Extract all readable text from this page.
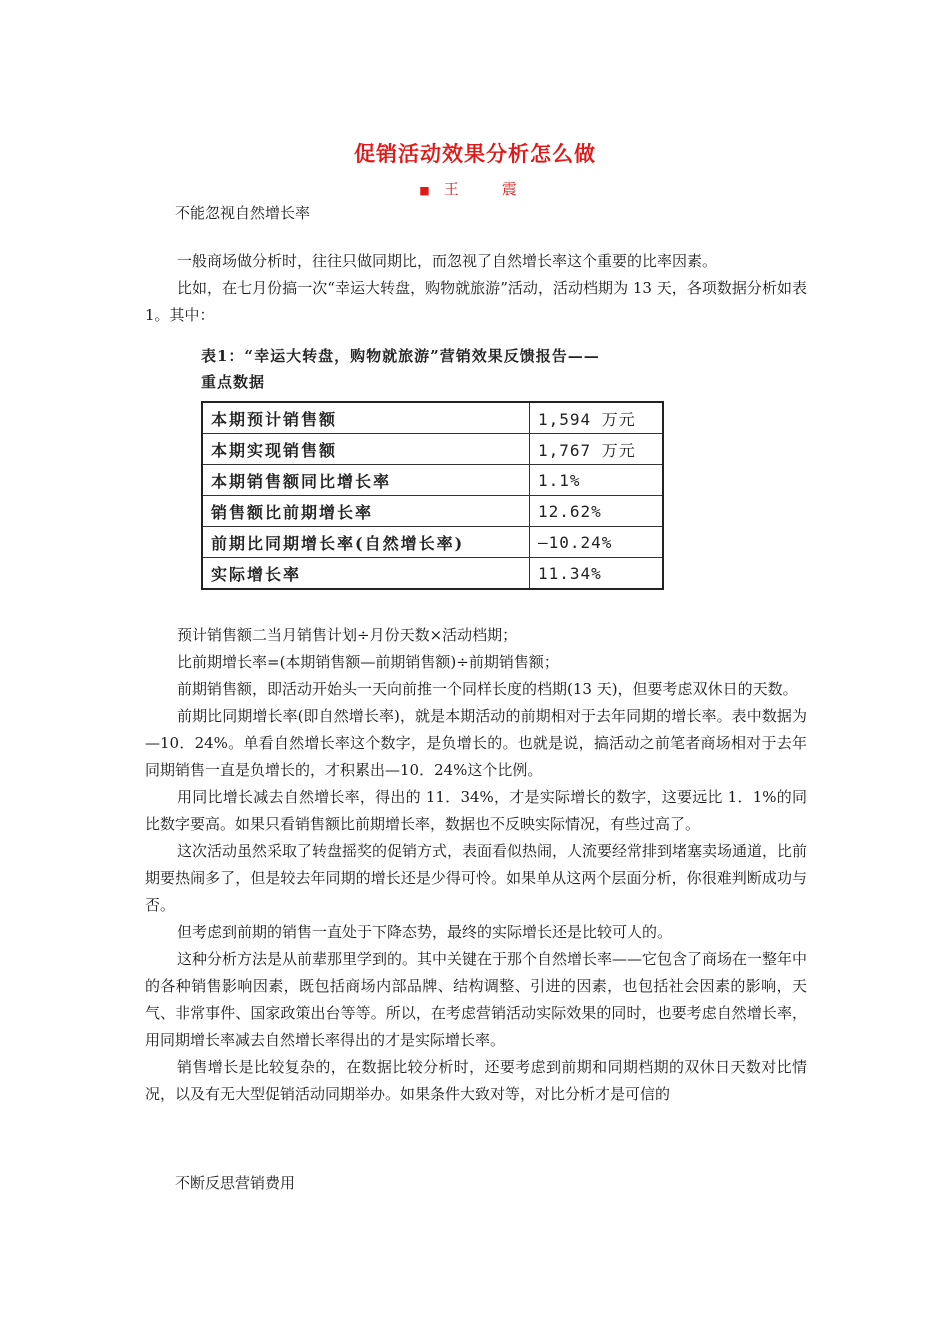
促销活动效果分析怎么做
■ 王　震
不能忽视自然增长率

一般商场做分析时，往往只做同期比，而忽视了自然增长率这个重要的比率因素。

比如，在七月份搞一次“幸运大转盘，购物就旅游”活动，活动档期为 13 天，各项数据分析如表 1。其中：

表1：“幸运大转盘，购物就旅游”营销效果反馈报告——
重点数据
本期预计销售额	1,594 万元
本期实现销售额	1,767 万元
本期销售额同比增长率	1.1%
销售额比前期增长率	12.62%
前期比同期增长率(自然增长率)	—10.24%
实际增长率	11.34%

预计销售额二当月销售计划÷月份天数×活动档期；

比前期增长率=(本期销售额—前期销售额)÷前期销售额；

前期销售额，即活动开始头一天向前推一个同样长度的档期(13 天)，但要考虑双休日的天数。

前期比同期增长率(即自然增长率)，就是本期活动的前期相对于去年同期的增长率。表中数据为—10．24%。单看自然增长率这个数字，是负增长的。也就是说，搞活动之前笔者商场相对于去年同期销售一直是负增长的，才积累出—10．24%这个比例。

用同比增长减去自然增长率，得出的 11．34%，才是实际增长的数字，这要远比 1．1%的同比数字要高。如果只看销售额比前期增长率，数据也不反映实际情况，有些过高了。

这次活动虽然采取了转盘摇奖的促销方式，表面看似热闹，人流要经常排到堵塞卖场通道，比前期要热闹多了，但是较去年同期的增长还是少得可怜。如果单从这两个层面分析，你很难判断成功与否。

但考虑到前期的销售一直处于下降态势，最终的实际增长还是比较可人的。

这种分析方法是从前辈那里学到的。其中关键在于那个自然增长率——它包含了商场在一整年中的各种销售影响因素，既包括商场内部品牌、结构调整、引进的因素，也包括社会因素的影响，天气、非常事件、国家政策出台等等。所以，在考虑营销活动实际效果的同时，也要考虑自然增长率，用同期增长率减去自然增长率得出的才是实际增长率。

销售增长是比较复杂的，在数据比较分析时，还要考虑到前期和同期档期的双休日天数对比情况，以及有无大型促销活动同期举办。如果条件大致对等，对比分析才是可信的

不断反思营销费用
